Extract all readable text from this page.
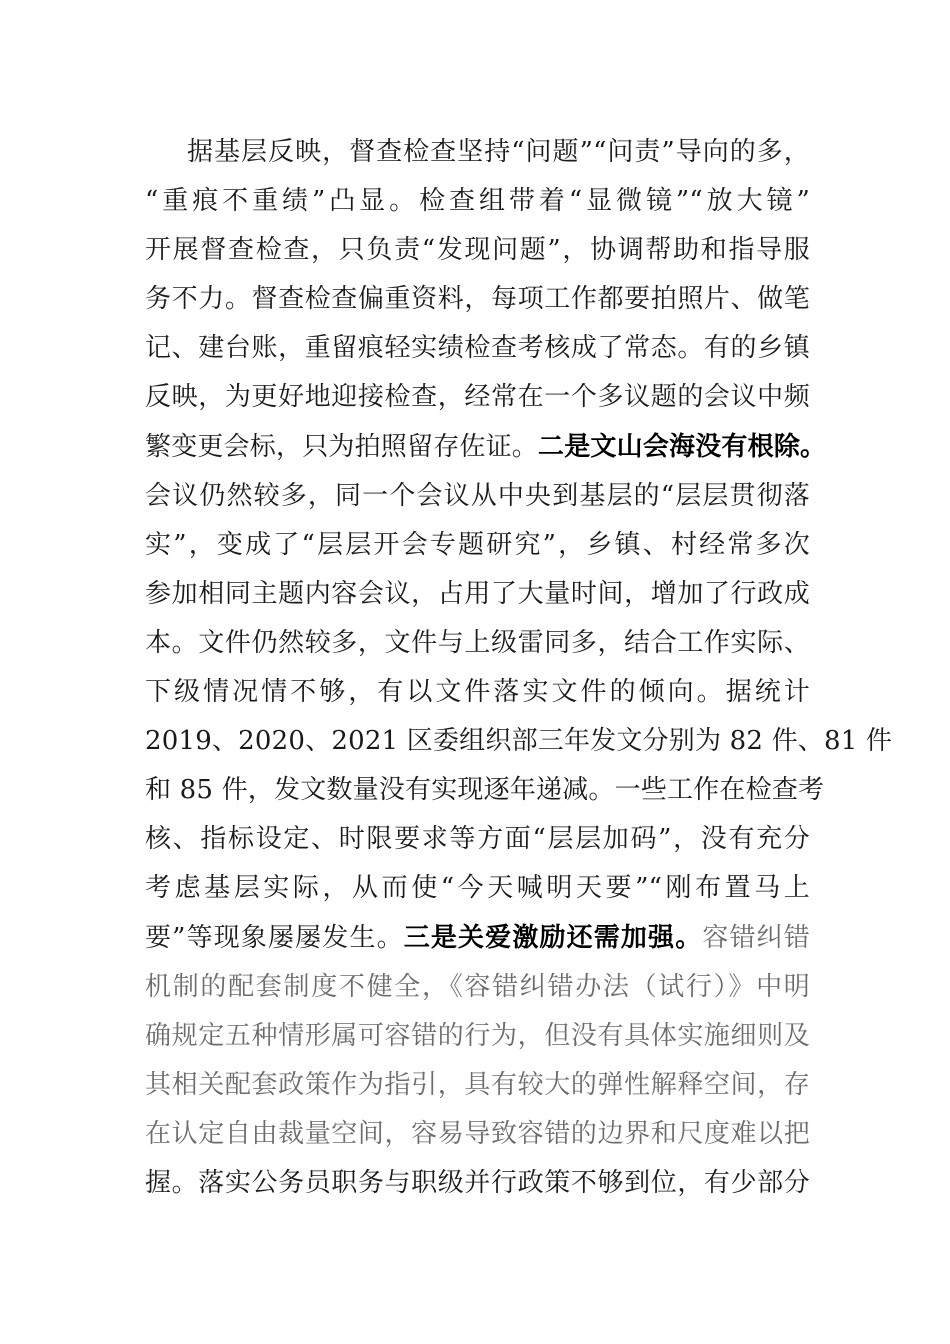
据基层反映，督查检查坚持“问题”“问责”导向的多，
“重痕不重绩”凸显。检查组带着“显微镜”“放大镜”
开展督查检查，只负责“发现问题”，协调帮助和指导服
务不力。督查检查偏重资料，每项工作都要拍照片、做笔
记、建台账，重留痕轻实绩检查考核成了常态。有的乡镇
反映，为更好地迎接检查，经常在一个多议题的会议中频
繁变更会标，只为拍照留存佐证。二是文山会海没有根除。
会议仍然较多，同一个会议从中央到基层的“层层贯彻落
实”，变成了“层层开会专题研究”，乡镇、村经常多次
参加相同主题内容会议，占用了大量时间，增加了行政成
本。文件仍然较多，文件与上级雷同多，结合工作实际、
下级情况情不够，有以文件落实文件的倾向。据统计
2019、2020、2021 区委组织部三年发文分别为 82 件、81 件
和 85 件，发文数量没有实现逐年递减。一些工作在检查考
核、指标设定、时限要求等方面“层层加码”，没有充分
考虑基层实际，从而使“今天喊明天要”“刚布置马上
要”等现象屡屡发生。三是关爱激励还需加强。容错纠错
机制的配套制度不健全，《容错纠错办法（试行）》中明
确规定五种情形属可容错的行为，但没有具体实施细则及
其相关配套政策作为指引，具有较大的弹性解释空间，存
在认定自由裁量空间，容易导致容错的边界和尺度难以把
握。落实公务员职务与职级并行政策不够到位，有少部分
